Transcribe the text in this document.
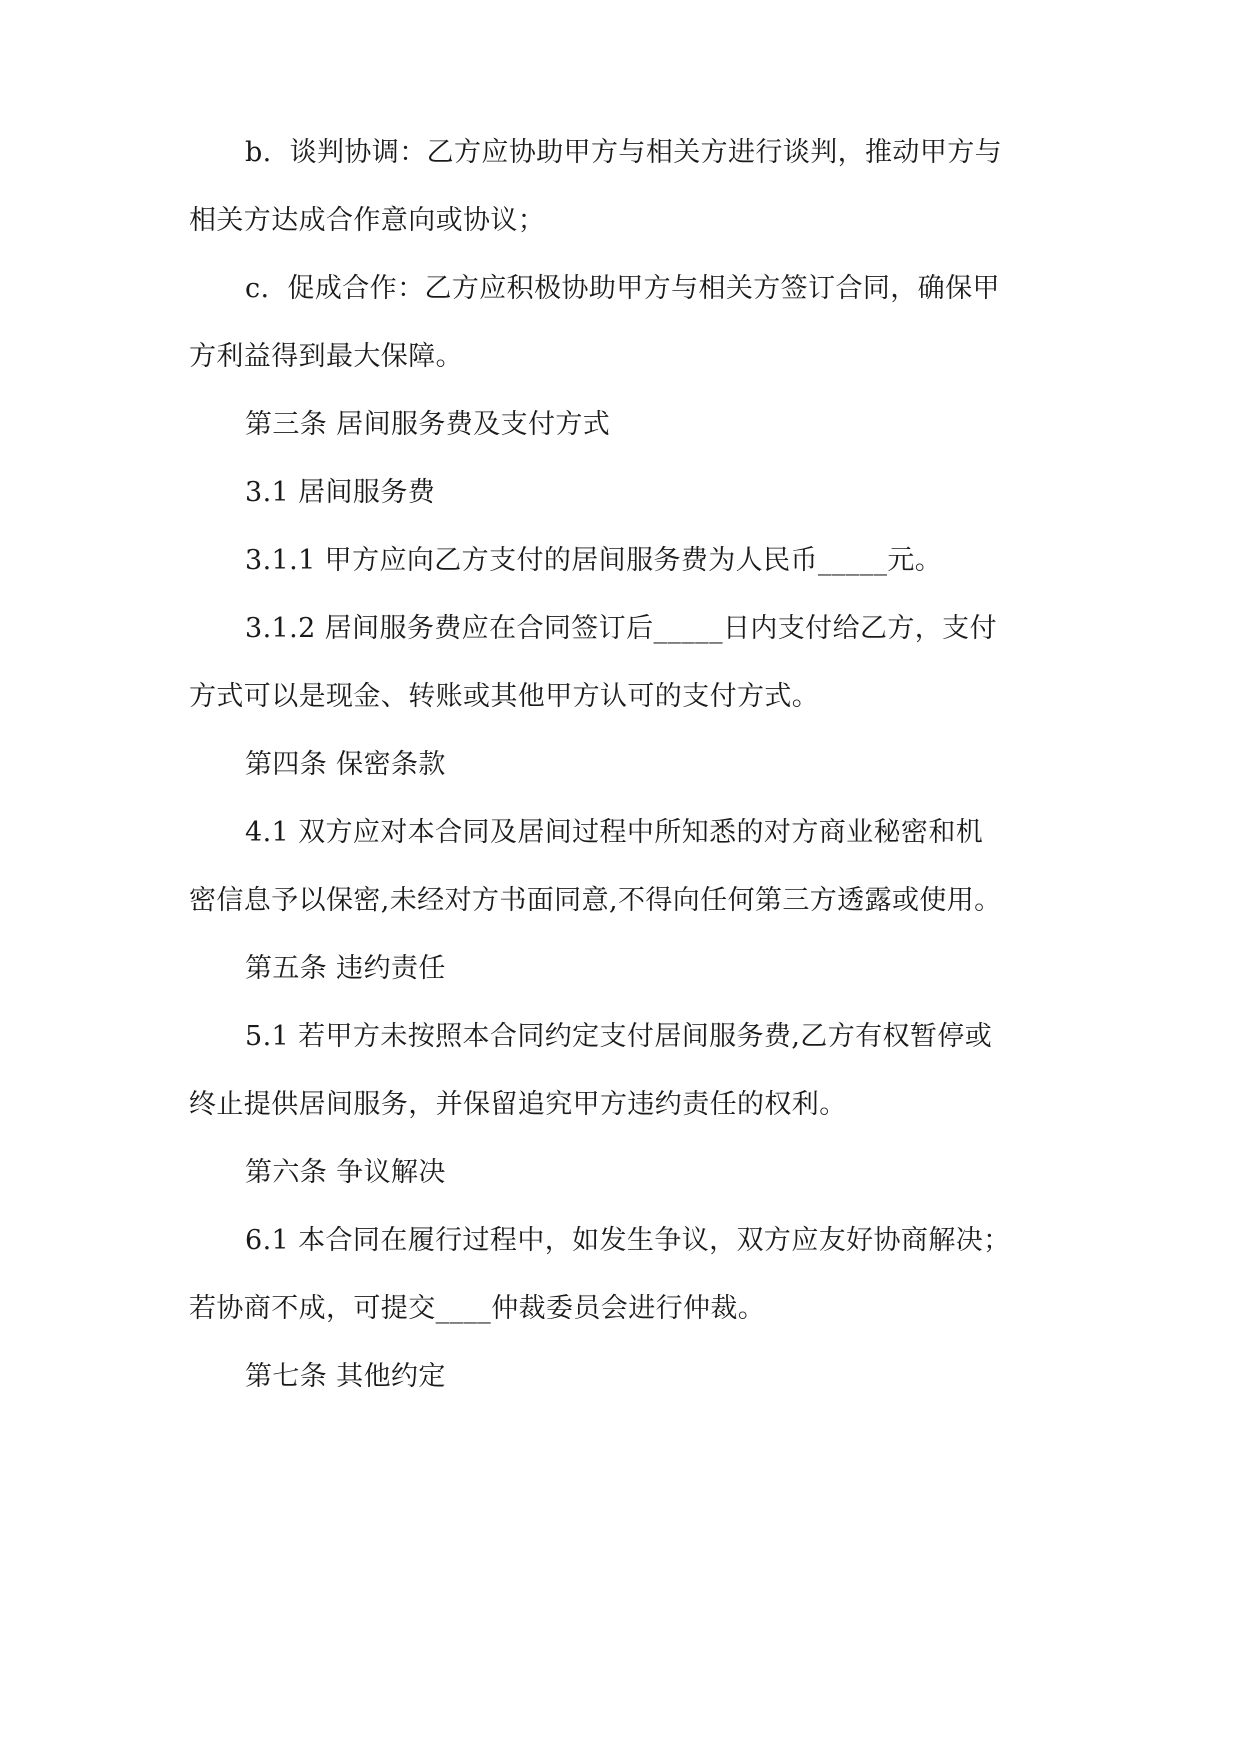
b.  谈判协调：乙方应协助甲方与相关方进行谈判，推动甲方与
相关方达成合作意向或协议；
c.  促成合作：乙方应积极协助甲方与相关方签订合同，确保甲
方利益得到最大保障。
第三条 居间服务费及支付方式
3.1 居间服务费
3.1.1 甲方应向乙方支付的居间服务费为人民币_____元。
3.1.2 居间服务费应在合同签订后_____日内支付给乙方，支付
方式可以是现金、转账或其他甲方认可的支付方式。
第四条 保密条款
4.1 双方应对本合同及居间过程中所知悉的对方商业秘密和机
密信息予以保密,未经对方书面同意,不得向任何第三方透露或使用。
第五条 违约责任
5.1 若甲方未按照本合同约定支付居间服务费,乙方有权暂停或
终止提供居间服务，并保留追究甲方违约责任的权利。
第六条 争议解决
6.1 本合同在履行过程中，如发生争议，双方应友好协商解决；
若协商不成，可提交____仲裁委员会进行仲裁。
第七条 其他约定
